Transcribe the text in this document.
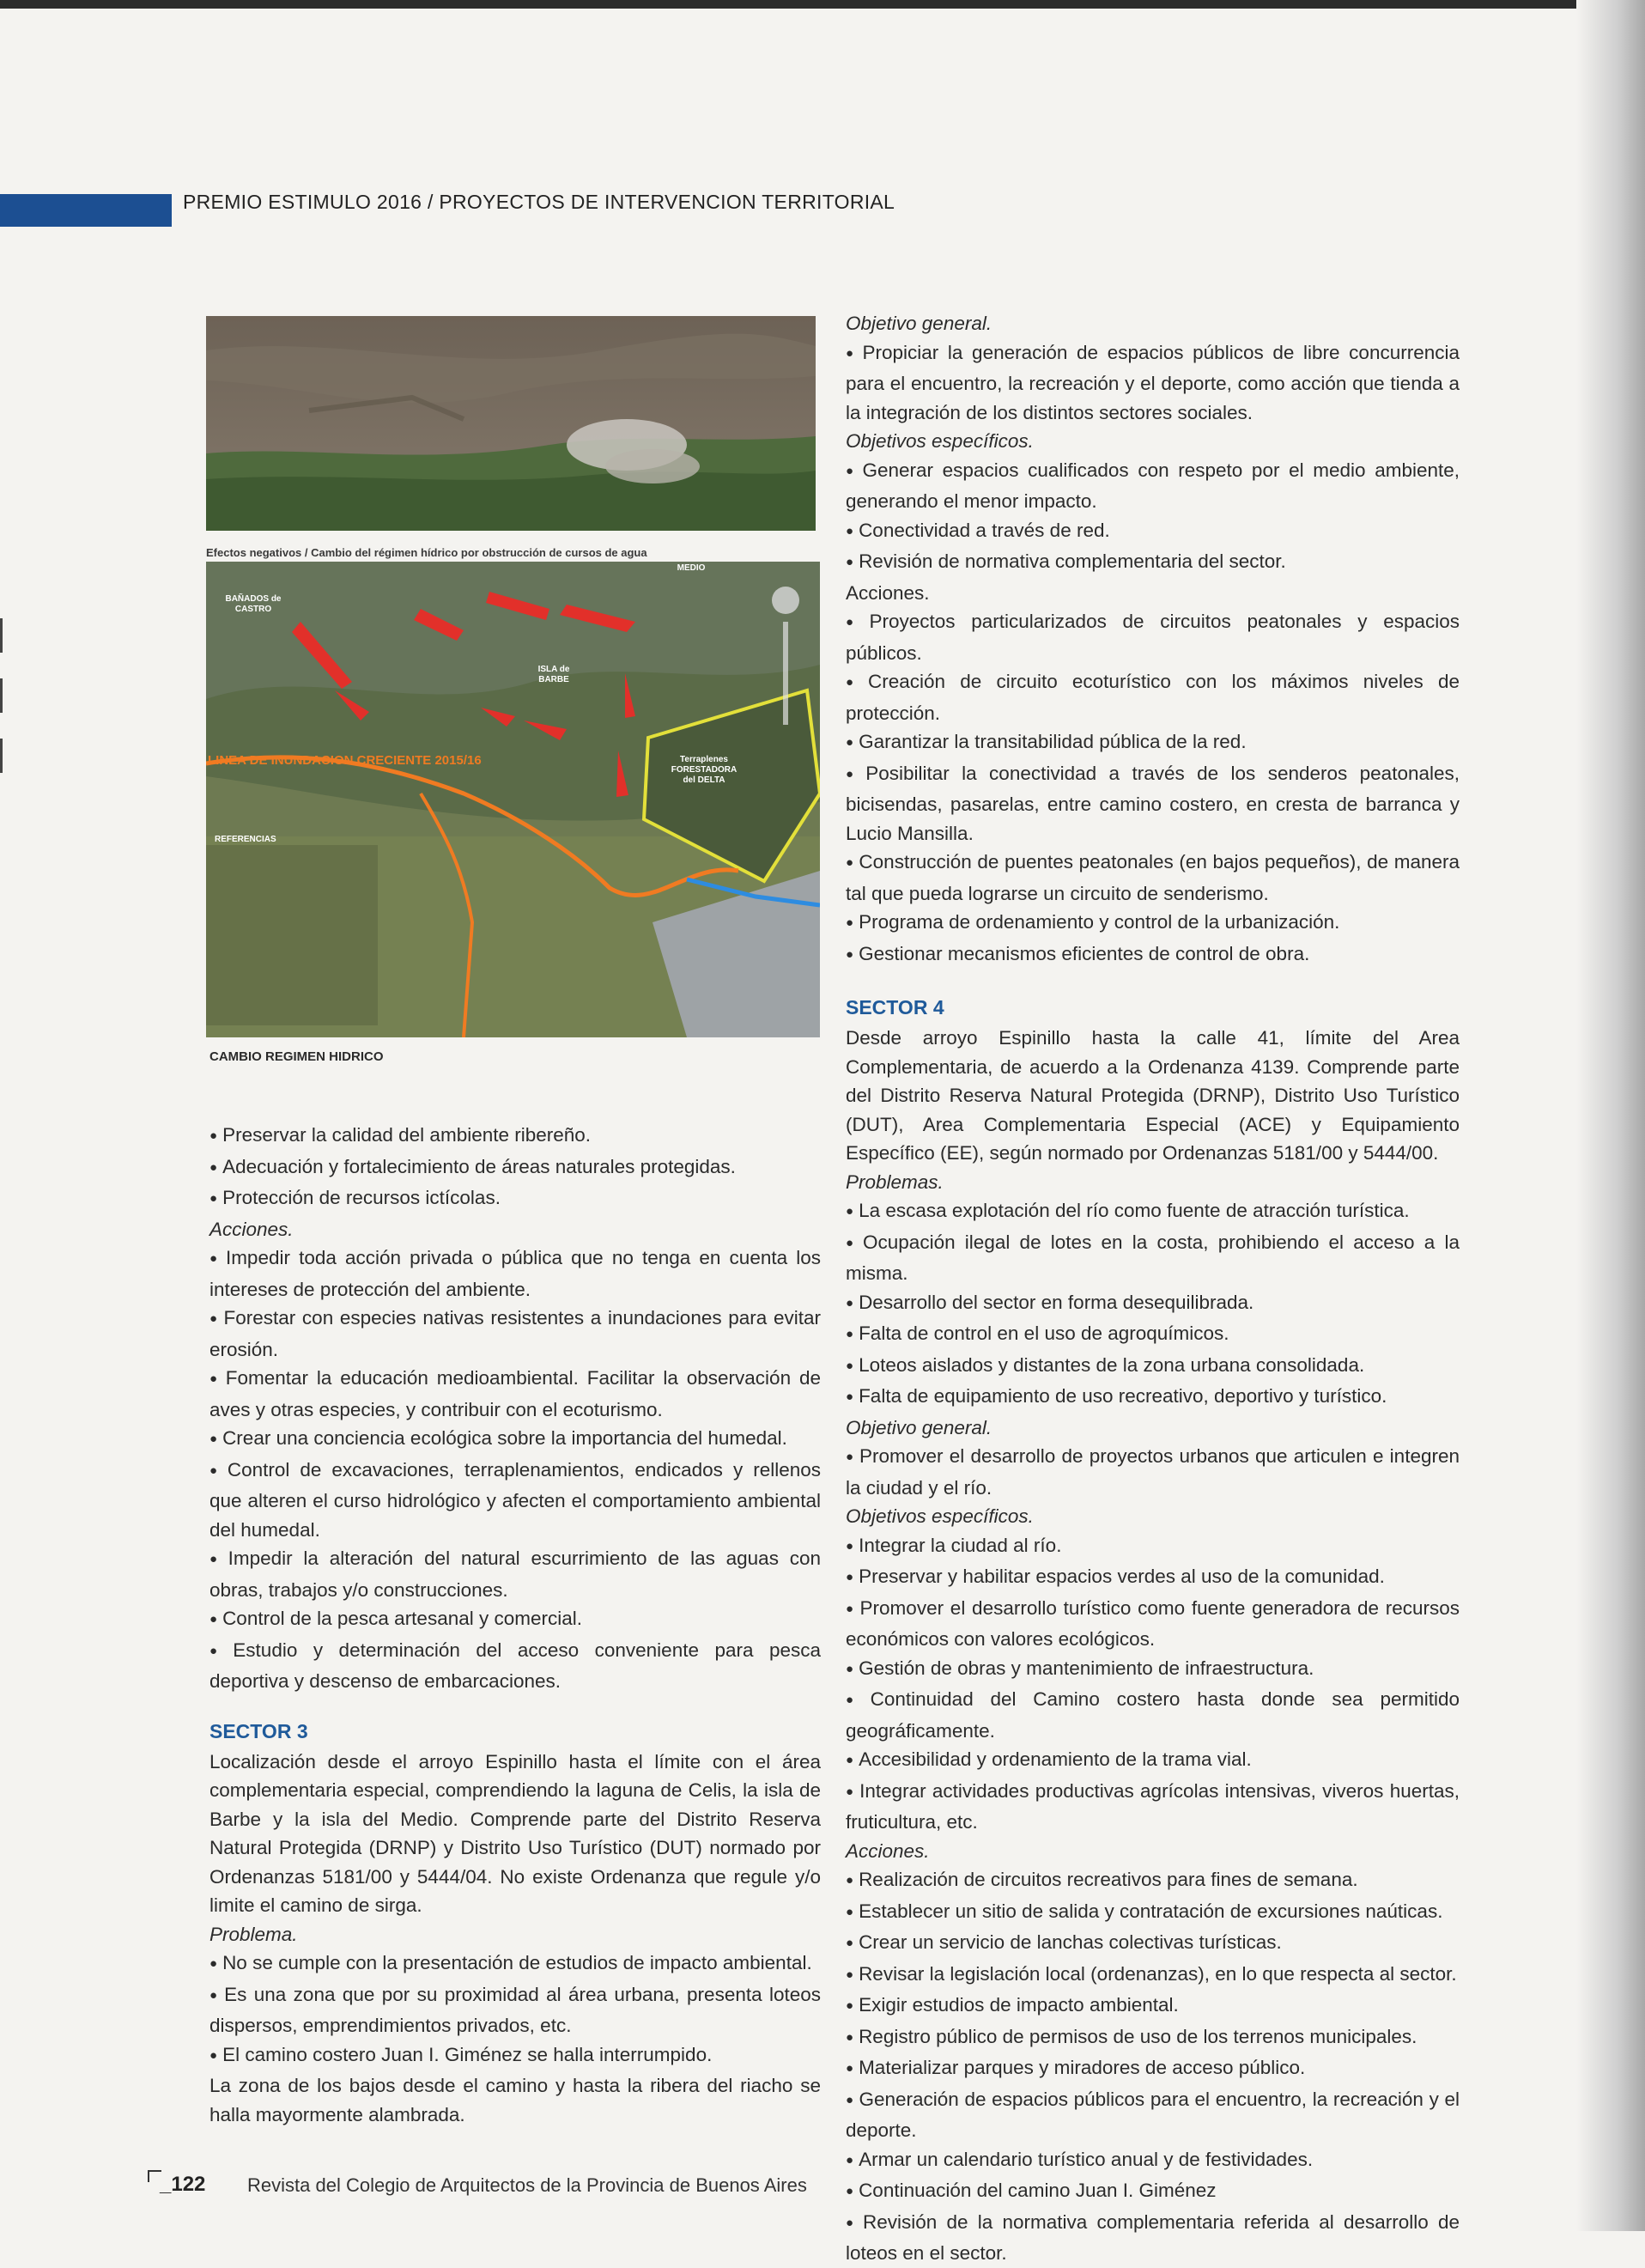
PREMIO ESTIMULO 2016 / PROYECTOS DE INTERVENCION TERRITORIAL
Efectos negativos / Cambio del régimen hídrico por obstrucción de cursos de agua
BAÑADOS de CASTRO
ISLA de BARBE
MEDIO
Terraplenes FORESTADORA del DELTA
LINEA DE INUNDACION CRECIENTE 2015/16
REFERENCIAS
CAMBIO REGIMEN HIDRICO

● Preservar la calidad del ambiente ribereño.

● Adecuación y fortalecimiento de áreas naturales protegidas.

● Protección de recursos ictícolas.

Acciones.

● Impedir toda acción privada o pública que no tenga en cuenta los intereses de protección del ambiente.

● Forestar con especies nativas resistentes a inundaciones para evitar erosión.

● Fomentar la educación medioambiental. Facilitar la observación de aves y otras especies, y contribuir con el ecoturismo.

● Crear una conciencia ecológica sobre la importancia del humedal.

● Control de excavaciones, terraplenamientos, endicados y rellenos que alteren el curso hidrológico y afecten el comportamiento ambiental del humedal.

● Impedir la alteración del natural escurrimiento de las aguas con obras, trabajos y/o construcciones.

● Control de la pesca artesanal y comercial.

● Estudio y determinación del acceso conveniente para pesca deportiva y descenso de embarcaciones.

SECTOR 3

Localización desde el arroyo Espinillo hasta el límite con el área complementaria especial, comprendiendo la laguna de Celis, la isla de Barbe y la isla del Medio. Comprende parte del Distrito Reserva Natural Protegida (DRNP) y Distrito Uso Turístico (DUT) normado por Ordenanzas 5181/00 y 5444/04. No existe Ordenanza que regule y/o limite el camino de sirga.

Problema.

● No se cumple con la presentación de estudios de impacto ambiental.

● Es una zona que por su proximidad al área urbana, presenta loteos dispersos, emprendimientos privados, etc.

● El camino costero Juan I. Giménez se halla interrumpido.

La zona de los bajos desde el camino y hasta la ribera del riacho se halla mayormente alambrada.

Objetivo general.

● Propiciar la generación de espacios públicos de libre concurrencia para el encuentro, la recreación y el deporte, como acción que tienda a la integración de los distintos sectores sociales.

Objetivos específicos.

● Generar espacios cualificados con respeto por el medio ambiente, generando el menor impacto.

● Conectividad a través de red.

● Revisión de normativa complementaria del sector.

Acciones.

● Proyectos particularizados de circuitos peatonales y espacios públicos.

● Creación de circuito ecoturístico con los máximos niveles de protección.

● Garantizar la transitabilidad pública de la red.

● Posibilitar la conectividad a través de los senderos peatonales, bicisendas, pasarelas, entre camino costero, en cresta de barranca y Lucio Mansilla.

● Construcción de puentes peatonales (en bajos pequeños), de manera tal que pueda lograrse un circuito de senderismo.

● Programa de ordenamiento y control de la urbanización.

● Gestionar mecanismos eficientes de control de obra.

SECTOR 4

Desde arroyo Espinillo hasta la calle 41, límite del Area Complementaria, de acuerdo a la Ordenanza 4139. Comprende parte del Distrito Reserva Natural Protegida (DRNP), Distrito Uso Turístico (DUT), Area Complementaria Especial (ACE) y Equipamiento Específico (EE), según normado por Ordenanzas 5181/00 y 5444/00.

Problemas.

● La escasa explotación del río como fuente de atracción turística.

● Ocupación ilegal de lotes en la costa, prohibiendo el acceso a la misma.

● Desarrollo del sector en forma desequilibrada.

● Falta de control en el uso de agroquímicos.

● Loteos aislados y distantes de la zona urbana consolidada.

● Falta de equipamiento de uso recreativo, deportivo y turístico.

Objetivo general.

● Promover el desarrollo de proyectos urbanos que articulen e integren la ciudad y el río.

Objetivos específicos.

● Integrar la ciudad al río.

● Preservar y habilitar espacios verdes al uso de la comunidad.

● Promover el desarrollo turístico como fuente generadora de recursos económicos con valores ecológicos.

● Gestión de obras y mantenimiento de infraestructura.

● Continuidad del Camino costero hasta donde sea permitido geográficamente.

● Accesibilidad y ordenamiento de la trama vial.

● Integrar actividades productivas agrícolas intensivas, viveros huertas, fruticultura, etc.

Acciones.

● Realización de circuitos recreativos para fines de semana.

● Establecer un sitio de salida y contratación de excursiones naúticas.

● Crear un servicio de lanchas colectivas turísticas.

● Revisar la legislación local (ordenanzas), en lo que respecta al sector.

● Exigir estudios de impacto ambiental.

● Registro público de permisos de uso de los terrenos municipales.

● Materializar parques y miradores de acceso público.

● Generación de espacios públicos para el encuentro, la recreación y el deporte.

● Armar un calendario turístico anual y de festividades.

● Continuación del camino Juan I. Giménez

● Revisión de la normativa complementaria referida al desarrollo de loteos en el sector.

_122 Revista del Colegio de Arquitectos de la Provincia de Buenos Aires
